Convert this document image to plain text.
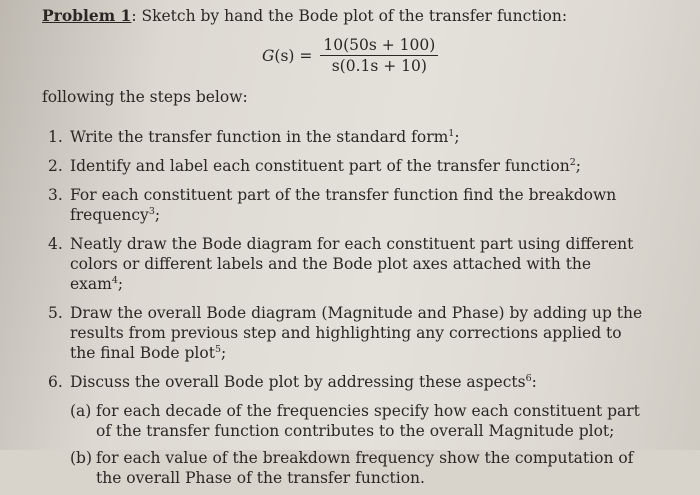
Problem 1: Sketch by hand the Bode plot of the transfer function:
$G(s) = \frac{10(50s + 100)}{s(0.1s + 10)}$
following the steps below:
1. Write the transfer function in the standard form$^1$;
2. Identify and label each constituent part of the transfer function$^2$;
3. For each constituent part of the transfer function find the breakdown frequency$^3$;
4. Neatly draw the Bode diagram for each constituent part using different colors or different labels and the Bode plot axes attached with the exam$^4$;
5. Draw the overall Bode diagram (Magnitude and Phase) by adding up the results from previous step and highlighting any corrections applied to the final Bode plot$^5$;
6. Discuss the overall Bode plot by addressing these aspects$^6$:
(a) for each decade of the frequencies specify how each constituent part of the transfer function contributes to the overall Magnitude plot;
(b) for each value of the breakdown frequency show the computation of the overall Phase of the transfer function.
